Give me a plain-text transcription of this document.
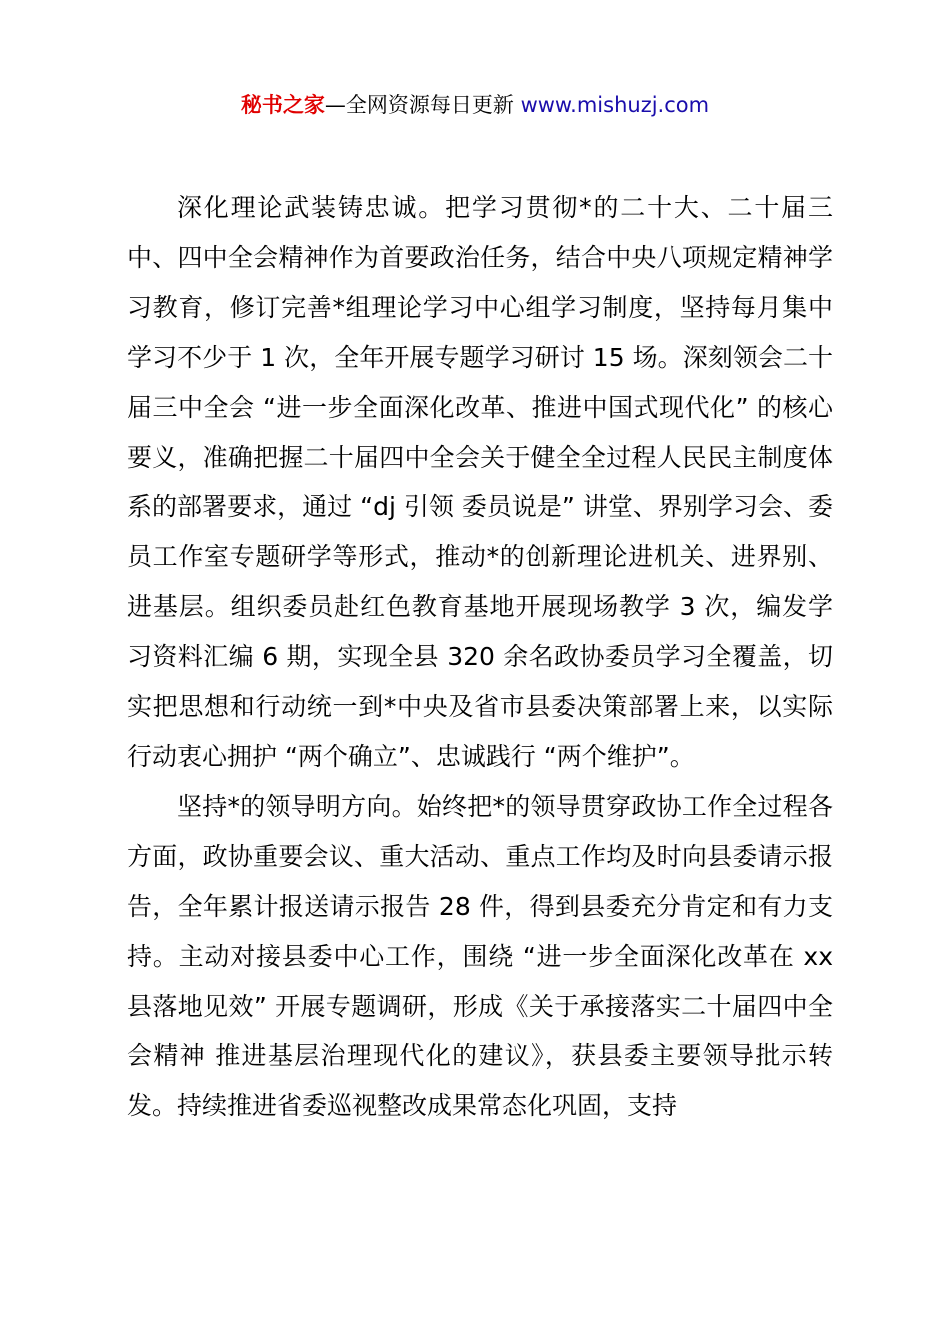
秘书之家—全网资源每日更新 www.mishuzj.com

深化理论武装铸忠诚。把学习贯彻*的二十大、二十届三中、四中全会精神作为首要政治任务，结合中央八项规定精神学习教育，修订完善*组理论学习中心组学习制度，坚持每月集中学习不少于 1 次，全年开展专题学习研讨 15 场。深刻领会二十届三中全会 “进一步全面深化改革、推进中国式现代化” 的核心要义，准确把握二十届四中全会关于健全全过程人民民主制度体系的部署要求，通过 “dj 引领 委员说是” 讲堂、界别学习会、委员工作室专题研学等形式，推动*的创新理论进机关、进界别、进基层。组织委员赴红色教育基地开展现场教学 3 次，编发学习资料汇编 6 期，实现全县 320 余名政协委员学习全覆盖，切实把思想和行动统一到*中央及省市县委决策部署上来，以实际行动衷心拥护 “两个确立”、忠诚践行 “两个维护”。

坚持*的领导明方向。始终把*的领导贯穿政协工作全过程各方面，政协重要会议、重大活动、重点工作均及时向县委请示报告，全年累计报送请示报告 28 件，得到县委充分肯定和有力支持。主动对接县委中心工作，围绕 “进一步全面深化改革在 xx 县落地见效” 开展专题调研，形成《关于承接落实二十届四中全会精神 推进基层治理现代化的建议》，获县委主要领导批示转发。持续推进省委巡视整改成果常态化巩固，支持
